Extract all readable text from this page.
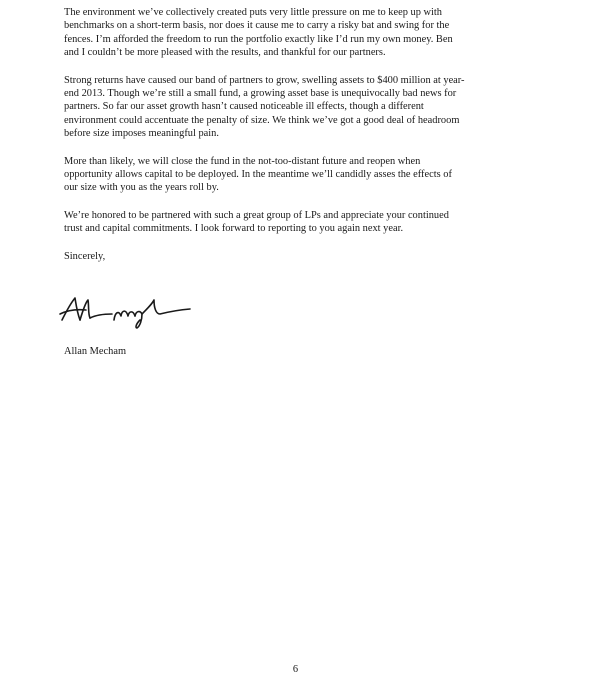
The environment we’ve collectively created puts very little pressure on me to keep up with
benchmarks on a short-term basis, nor does it cause me to carry a risky bat and swing for the
fences. I’m afforded the freedom to run the portfolio exactly like I’d run my own money. Ben
and I couldn’t be more pleased with the results, and thankful for our partners.

Strong returns have caused our band of partners to grow, swelling assets to $400 million at year-
end 2013. Though we’re still a small fund, a growing asset base is unequivocally bad news for
partners. So far our asset growth hasn’t caused noticeable ill effects, though a different
environment could accentuate the penalty of size. We think we’ve got a good deal of headroom
before size imposes meaningful pain.

More than likely, we will close the fund in the not-too-distant future and reopen when
opportunity allows capital to be deployed. In the meantime we’ll candidly asses the effects of
our size with you as the years roll by.

We’re honored to be partnered with such a great group of LPs and appreciate your continued
trust and capital commitments. I look forward to reporting to you again next year.

Sincerely,

Allan Mecham

6
